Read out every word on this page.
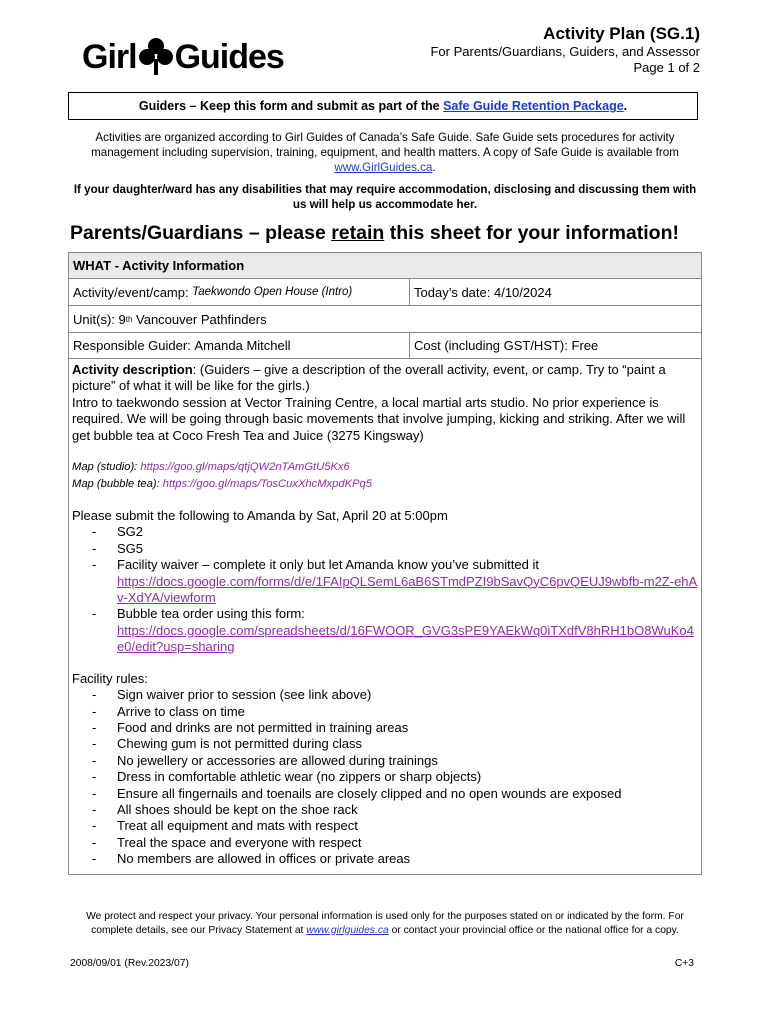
Girl Guides
Activity Plan (SG.1)
For Parents/Guardians, Guiders, and Assessor
Page 1 of 2
Guiders – Keep this form and submit as part of the Safe Guide Retention Package .
Activities are organized according to Girl Guides of Canada’s Safe Guide. Safe Guide sets procedures for activity management including supervision, training, equipment, and health matters. A copy of Safe Guide is available from www.GirlGuides.ca.
If your daughter/ward has any disabilities that may require accommodation, disclosing and discussing them with us will help us accommodate her.
Parents/Guardians – please retain this sheet for your information!
WHAT - Activity Information
Activity/event/camp: Taekwondo Open House (Intro)	Today’s date: 4/10/2024
Unit(s): 9 th Vancouver Pathfinders
Responsible Guider: Amanda Mitchell	Cost (including GST/HST): Free

Activity description: (Guiders – give a description of the overall activity, event, or camp. Try to “paint a picture” of what it will be like for the girls.)

Intro to taekwondo session at Vector Training Centre, a local martial arts studio. No prior experience is required. We will be going through basic movements that involve jumping, kicking and striking. After we will get bubble tea at Coco Fresh Tea and Juice (3275 Kingsway)

Map (studio): https://goo.gl/maps/qtjQW2nTAmGtU5Kx6
Map (bubble tea): https://goo.gl/maps/TosCuxXhcMxpdKPq5

Please submit the following to Amanda by Sat, April 20 at 5:00pm

- SG2
- SG5
- Facility waiver – complete it only but let Amanda know you’ve submitted it
https://docs.google.com/forms/d/e/1FAIpQLSemL6aB6STmdPZI9bSavQyC6pvQEUJ9wbfb-m2Z-ehAv-XdYA/viewform
- Bubble tea order using this form:
https://docs.google.com/spreadsheets/d/16FWOOR_GVG3sPE9YAEkWq0iTXdfV8hRH1bO8WuKo4e0/edit?usp=sharing

Facility rules:

- Sign waiver prior to session (see link above)
- Arrive to class on time
- Food and drinks are not permitted in training areas
- Chewing gum is not permitted during class
- No jewellery or accessories are allowed during trainings
- Dress in comfortable athletic wear (no zippers or sharp objects)
- Ensure all fingernails and toenails are closely clipped and no open wounds are exposed
- All shoes should be kept on the shoe rack
- Treat all equipment and mats with respect
- Treal the space and everyone with respect
- No members are allowed in offices or private areas
We protect and respect your privacy. Your personal information is used only for the purposes stated on or indicated by the form. For complete details, see our Privacy Statement at www.girlguides.ca or contact your provincial office or the national office for a copy.
2008/09/01 (Rev.2023/07)	C+3
